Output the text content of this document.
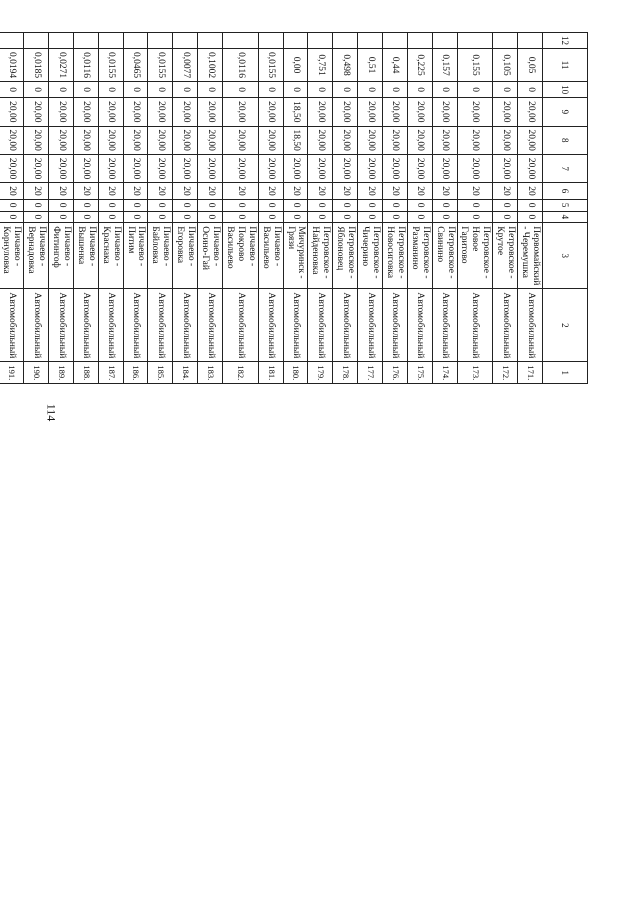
114
12	11	10	9	8	7	6	5	4	3	2	1
	0,05	0	20,00	20,00	20,00	20	0	0	Первомайский - Черемушка	Автомобильный	171.
	0,105	0	20,00	20,00	20,00	20	0	0	Петровское - Крутое	Автомобильный	172.
	0,155	0	20,00	20,00	20,00	20	0	0	Петровское - Новое Гаритово	Автомобильный	173.
	0,157	0	20,00	20,00	20,00	20	0	0	Петровское - Свинино	Автомобильный	174.
	0,225	0	20,00	20,00	20,00	20	0	0	Петровское - Разманино	Автомобильный	175.
	0,44	0	20,00	20,00	20,00	20	0	0	Петровское - Новосиговка	Автомобильный	176.
	0,51	0	20,00	20,00	20,00	20	0	0	Петровское - Чичерино	Автомобильный	177.
	0,498	0	20,00	20,00	20,00	20	0	0	Петровское - Яблоновец	Автомобильный	178.
	0,751	0	20,00	20,00	20,00	20	0	0	Петровское - Найденовка	Автомобильный	179.
	0,00	0	18,50	18,50	20,00	20	0	0	Мичуринск - Грязи	Автомобильный	180.
	0,0155	0	20,00	20,00	20,00	20	0	0	Пичаево - Васильево	Автомобильный	181.
	0,0116	0	20,00	20,00	20,00	20	0	0	Пичаево - Покрово Васильево	Автомобильный	182.
	0,1002	0	20,00	20,00	20,00	20	0	0	Пичаево - Осино-Гай	Автомобильный	183.
	0,0077	0	20,00	20,00	20,00	20	0	0	Пичаево - Егоровка	Автомобильный	184.
	0,0155	0	20,00	20,00	20,00	20	0	0	Пичаево - Байловка	Автомобильный	185.
	0,0465	0	20,00	20,00	20,00	20	0	0	Пичаево - Питим	Автомобильный	186.
	0,0155	0	20,00	20,00	20,00	20	0	0	Пичаево - Краснака	Автомобильный	187.
	0,0116	0	20,00	20,00	20,00	20	0	0	Пичаево - Вышенка	Автомобильный	188.
	0,0271	0	20,00	20,00	20,00	20	0	0	Пичаево - Фитингоф	Автомобильный	189.
	0,0185	0	20,00	20,00	20,00	20	0	0	Пичаево - Вернадовка	Автомобильный	190.
	0,0194	0	20,00	20,00	20,00	20	0	0	Пичаево - Корнуловка	Автомобильный	191.
